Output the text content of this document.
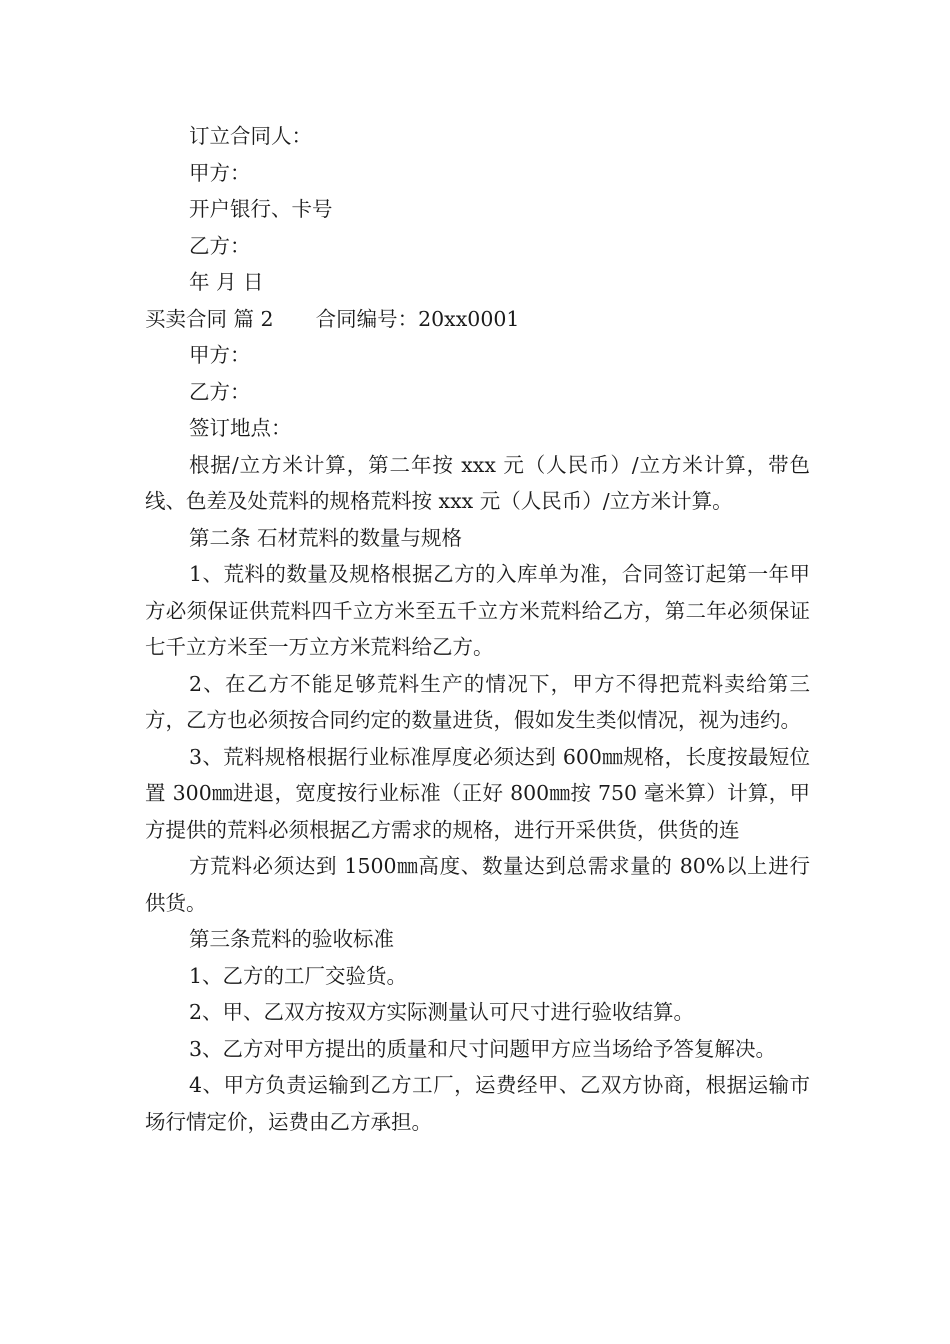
订立合同人：

甲方：

开户银行、卡号

乙方：

年 月 日

买卖合同 篇 2 合同编号：20xx0001

甲方：

乙方：

签订地点：

根据/立方米计算，第二年按 xxx 元（人民币）/立方米计算，带色线、色差及处荒料的规格荒料按 xxx 元（人民币）/立方米计算。

第二条 石材荒料的数量与规格

1、荒料的数量及规格根据乙方的入库单为准，合同签订起第一年甲方必须保证供荒料四千立方米至五千立方米荒料给乙方，第二年必须保证七千立方米至一万立方米荒料给乙方。

2、在乙方不能足够荒料生产的情况下，甲方不得把荒料卖给第三方，乙方也必须按合同约定的数量进货，假如发生类似情况，视为违约。

3、荒料规格根据行业标准厚度必须达到 600㎜规格，长度按最短位置 300㎜进退，宽度按行业标准（正好 800㎜按 750 毫米算）计算，甲方提供的荒料必须根据乙方需求的规格，进行开采供货，供货的连

方荒料必须达到 1500㎜高度、数量达到总需求量的 80%以上进行供货。

第三条荒料的验收标准

1、乙方的工厂交验货。

2、甲、乙双方按双方实际测量认可尺寸进行验收结算。

3、乙方对甲方提出的质量和尺寸问题甲方应当场给予答复解决。

4、甲方负责运输到乙方工厂，运费经甲、乙双方协商，根据运输市场行情定价，运费由乙方承担。
